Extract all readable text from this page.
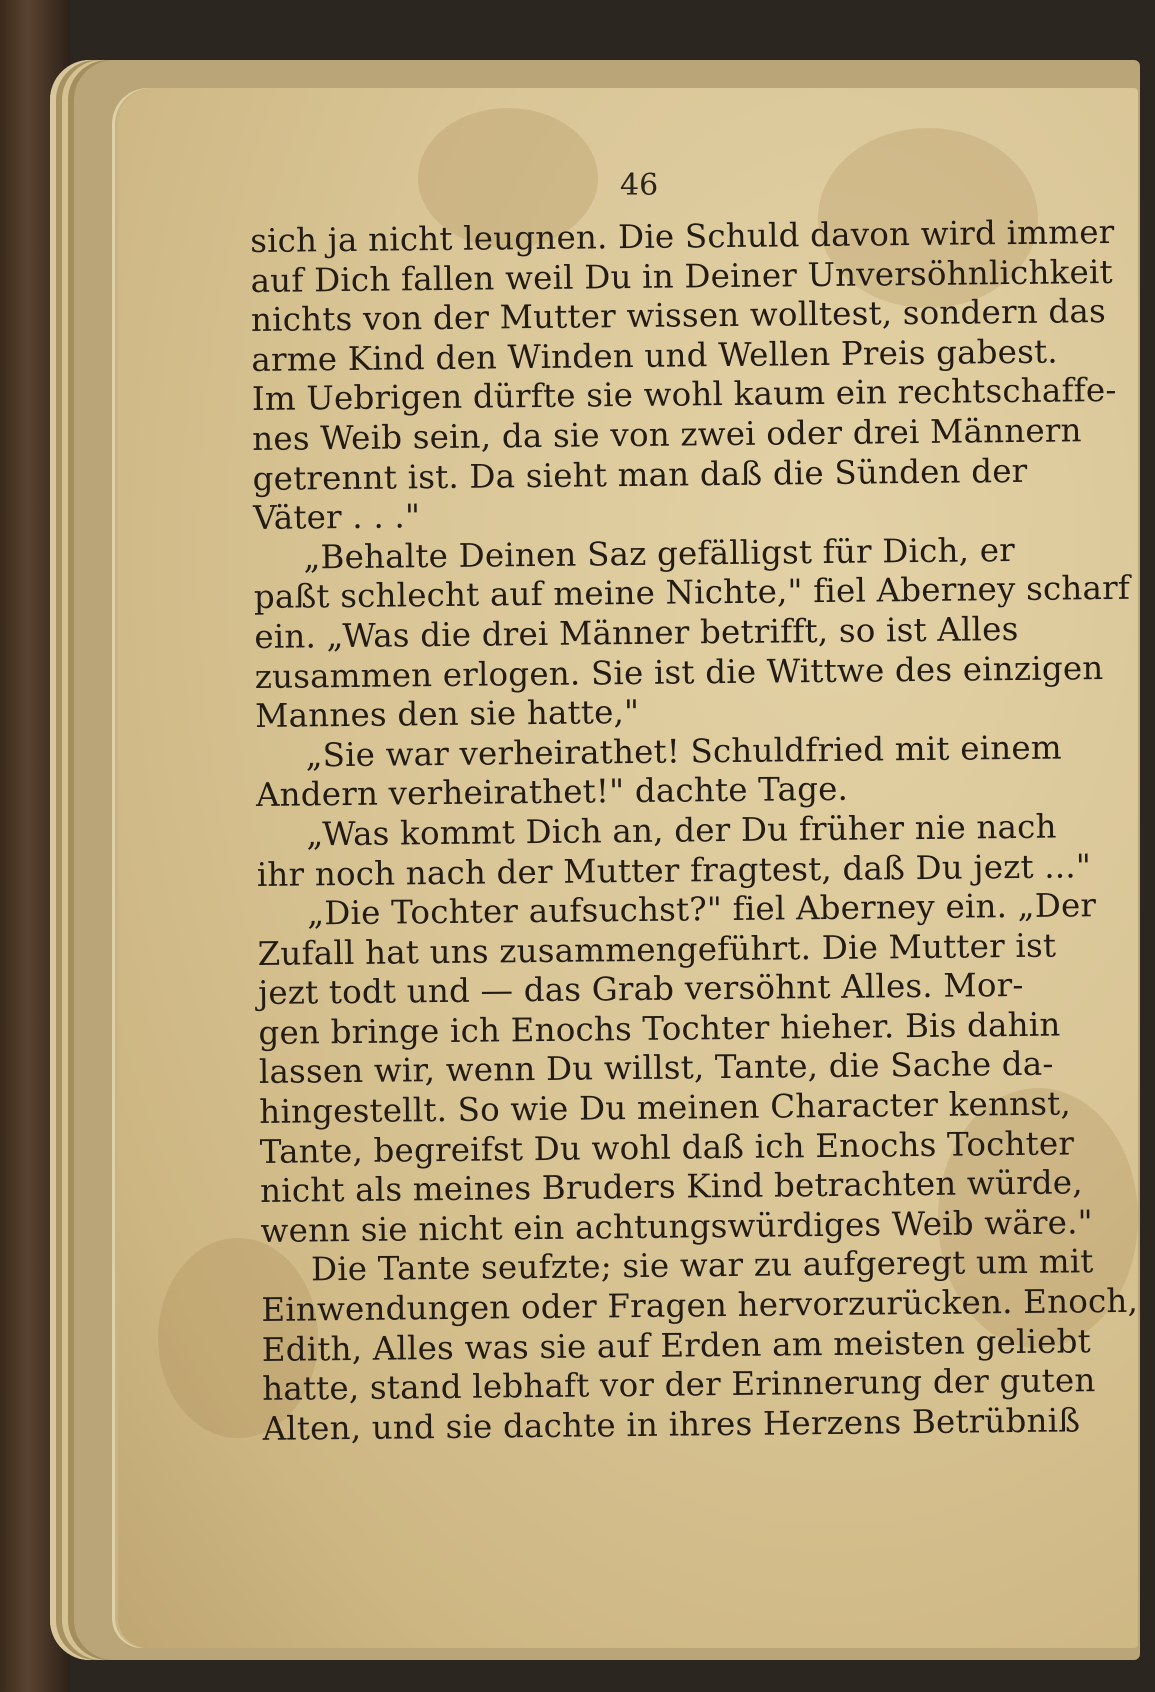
46
sich ja nicht leugnen. Die Schuld davon wird immer
auf Dich fallen weil Du in Deiner Unversöhnlichkeit
nichts von der Mutter wissen wolltest, sondern das
arme Kind den Winden und Wellen Preis gabest.
Im Uebrigen dürfte sie wohl kaum ein rechtschaffe-
nes Weib sein, da sie von zwei oder drei Männern
getrennt ist. Da sieht man daß die Sünden der
Väter . . ."
„Behalte Deinen Saz gefälligst für Dich, er
paßt schlecht auf meine Nichte," fiel Aberney scharf
ein. „Was die drei Männer betrifft, so ist Alles
zusammen erlogen. Sie ist die Wittwe des einzigen
Mannes den sie hatte,"
„Sie war verheirathet! Schuldfried mit einem
Andern verheirathet!" dachte Tage.
„Was kommt Dich an, der Du früher nie nach
ihr noch nach der Mutter fragtest, daß Du jezt ..."
„Die Tochter aufsuchst?" fiel Aberney ein. „Der
Zufall hat uns zusammengeführt. Die Mutter ist
jezt todt und — das Grab versöhnt Alles. Mor-
gen bringe ich Enochs Tochter hieher. Bis dahin
lassen wir, wenn Du willst, Tante, die Sache da-
hingestellt. So wie Du meinen Character kennst,
Tante, begreifst Du wohl daß ich Enochs Tochter
nicht als meines Bruders Kind betrachten würde,
wenn sie nicht ein achtungswürdiges Weib wäre."
Die Tante seufzte; sie war zu aufgeregt um mit
Einwendungen oder Fragen hervorzurücken. Enoch,
Edith, Alles was sie auf Erden am meisten geliebt
hatte, stand lebhaft vor der Erinnerung der guten
Alten, und sie dachte in ihres Herzens Betrübniß
